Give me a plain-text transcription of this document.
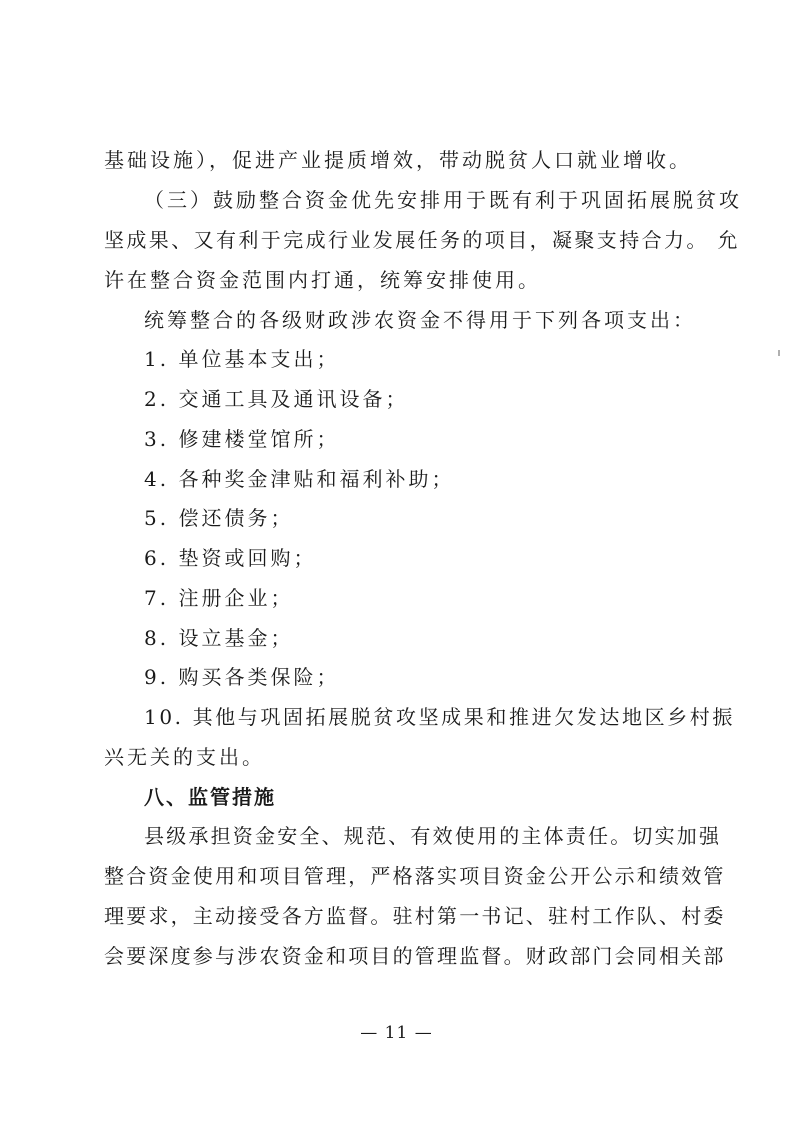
基础设施），促进产业提质增效，带动脱贫人口就业增收。
（三）鼓励整合资金优先安排用于既有利于巩固拓展脱贫攻
坚成果、又有利于完成行业发展任务的项目，凝聚支持合力。 允
许在整合资金范围内打通，统筹安排使用。
统筹整合的各级财政涉农资金不得用于下列各项支出：
1. 单位基本支出；
2. 交通工具及通讯设备；
3. 修建楼堂馆所；
4. 各种奖金津贴和福利补助；
5. 偿还债务；
6. 垫资或回购；
7. 注册企业；
8. 设立基金；
9. 购买各类保险；
10. 其他与巩固拓展脱贫攻坚成果和推进欠发达地区乡村振
兴无关的支出。
八、监管措施
县级承担资金安全、规范、有效使用的主体责任。切实加强
整合资金使用和项目管理，严格落实项目资金公开公示和绩效管
理要求，主动接受各方监督。驻村第一书记、驻村工作队、村委
会要深度参与涉农资金和项目的管理监督。财政部门会同相关部
— 11 —
